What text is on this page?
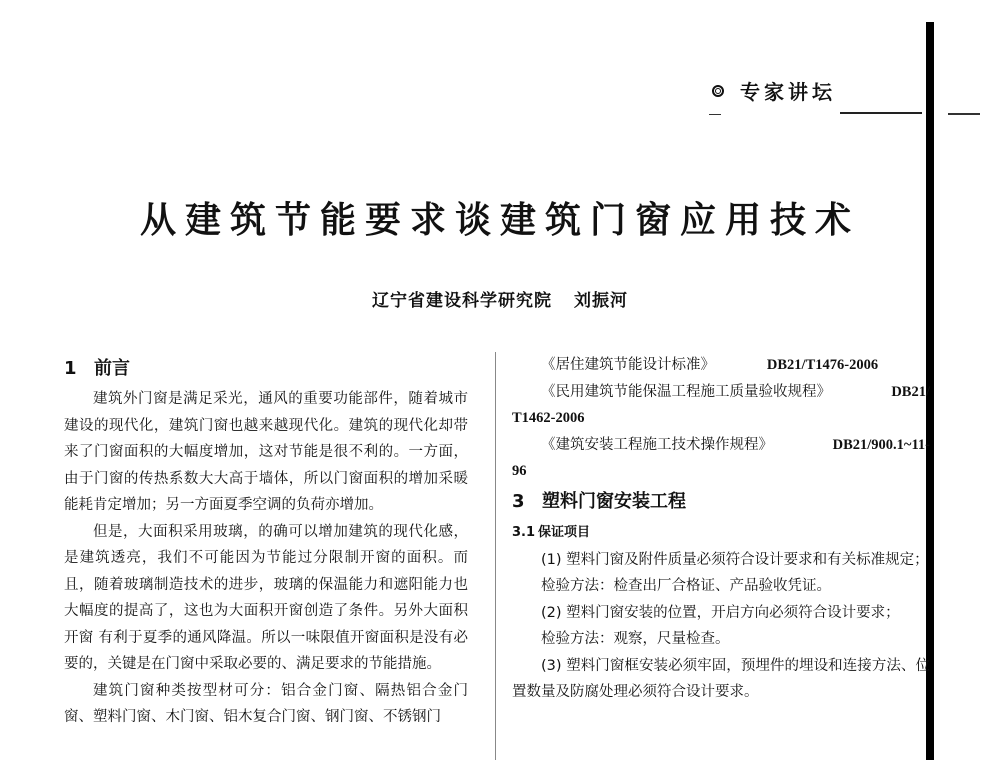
专家讲坛
从建筑节能要求谈建筑门窗应用技术
辽宁省建设科学研究院 刘振河
1 前言

建筑外门窗是满足采光，通风的重要功能部件，随着城市建设的现代化，建筑门窗也越来越现代化。建筑的现代化却带来了门窗面积的大幅度增加，这对节能是很不利的。一方面，由于门窗的传热系数大大高于墙体，所以门窗面积的增加采暖能耗肯定增加；另一方面夏季空调的负荷亦增加。

但是，大面积采用玻璃，的确可以增加建筑的现代化感，是建筑透亮，我们不可能因为节能过分限制开窗的面积。而且，随着玻璃制造技术的进步，玻璃的保温能力和遮阳能力也大幅度的提高了，这也为大面积开窗创造了条件。另外大面积开窗 有利于夏季的通风降温。所以一味限值开窗面积是没有必要的，关键是在门窗中采取必要的、满足要求的节能措施。

建筑门窗种类按型材可分：铝合金门窗、隔热铝合金门窗、塑料门窗、木门窗、铝木复合门窗、钢门窗、不锈钢门

《居住建筑节能设计标准》	DB21/T1476-2006
《民用建筑节能保温工程施工质量验收规程》	DB21/

T1462-2006

《建筑安装工程施工技术操作规程》	DB21/900.1~11-

96

3 塑料门窗安装工程
3.1 保证项目

(1) 塑料门窗及附件质量必须符合设计要求和有关标准规定；

检验方法：检查出厂合格证、产品验收凭证。

(2) 塑料门窗安装的位置，开启方向必须符合设计要求；

检验方法：观察，尺量检查。

(3) 塑料门窗框安装必须牢固，预埋件的埋设和连接方法、位置数量及防腐处理必须符合设计要求。
